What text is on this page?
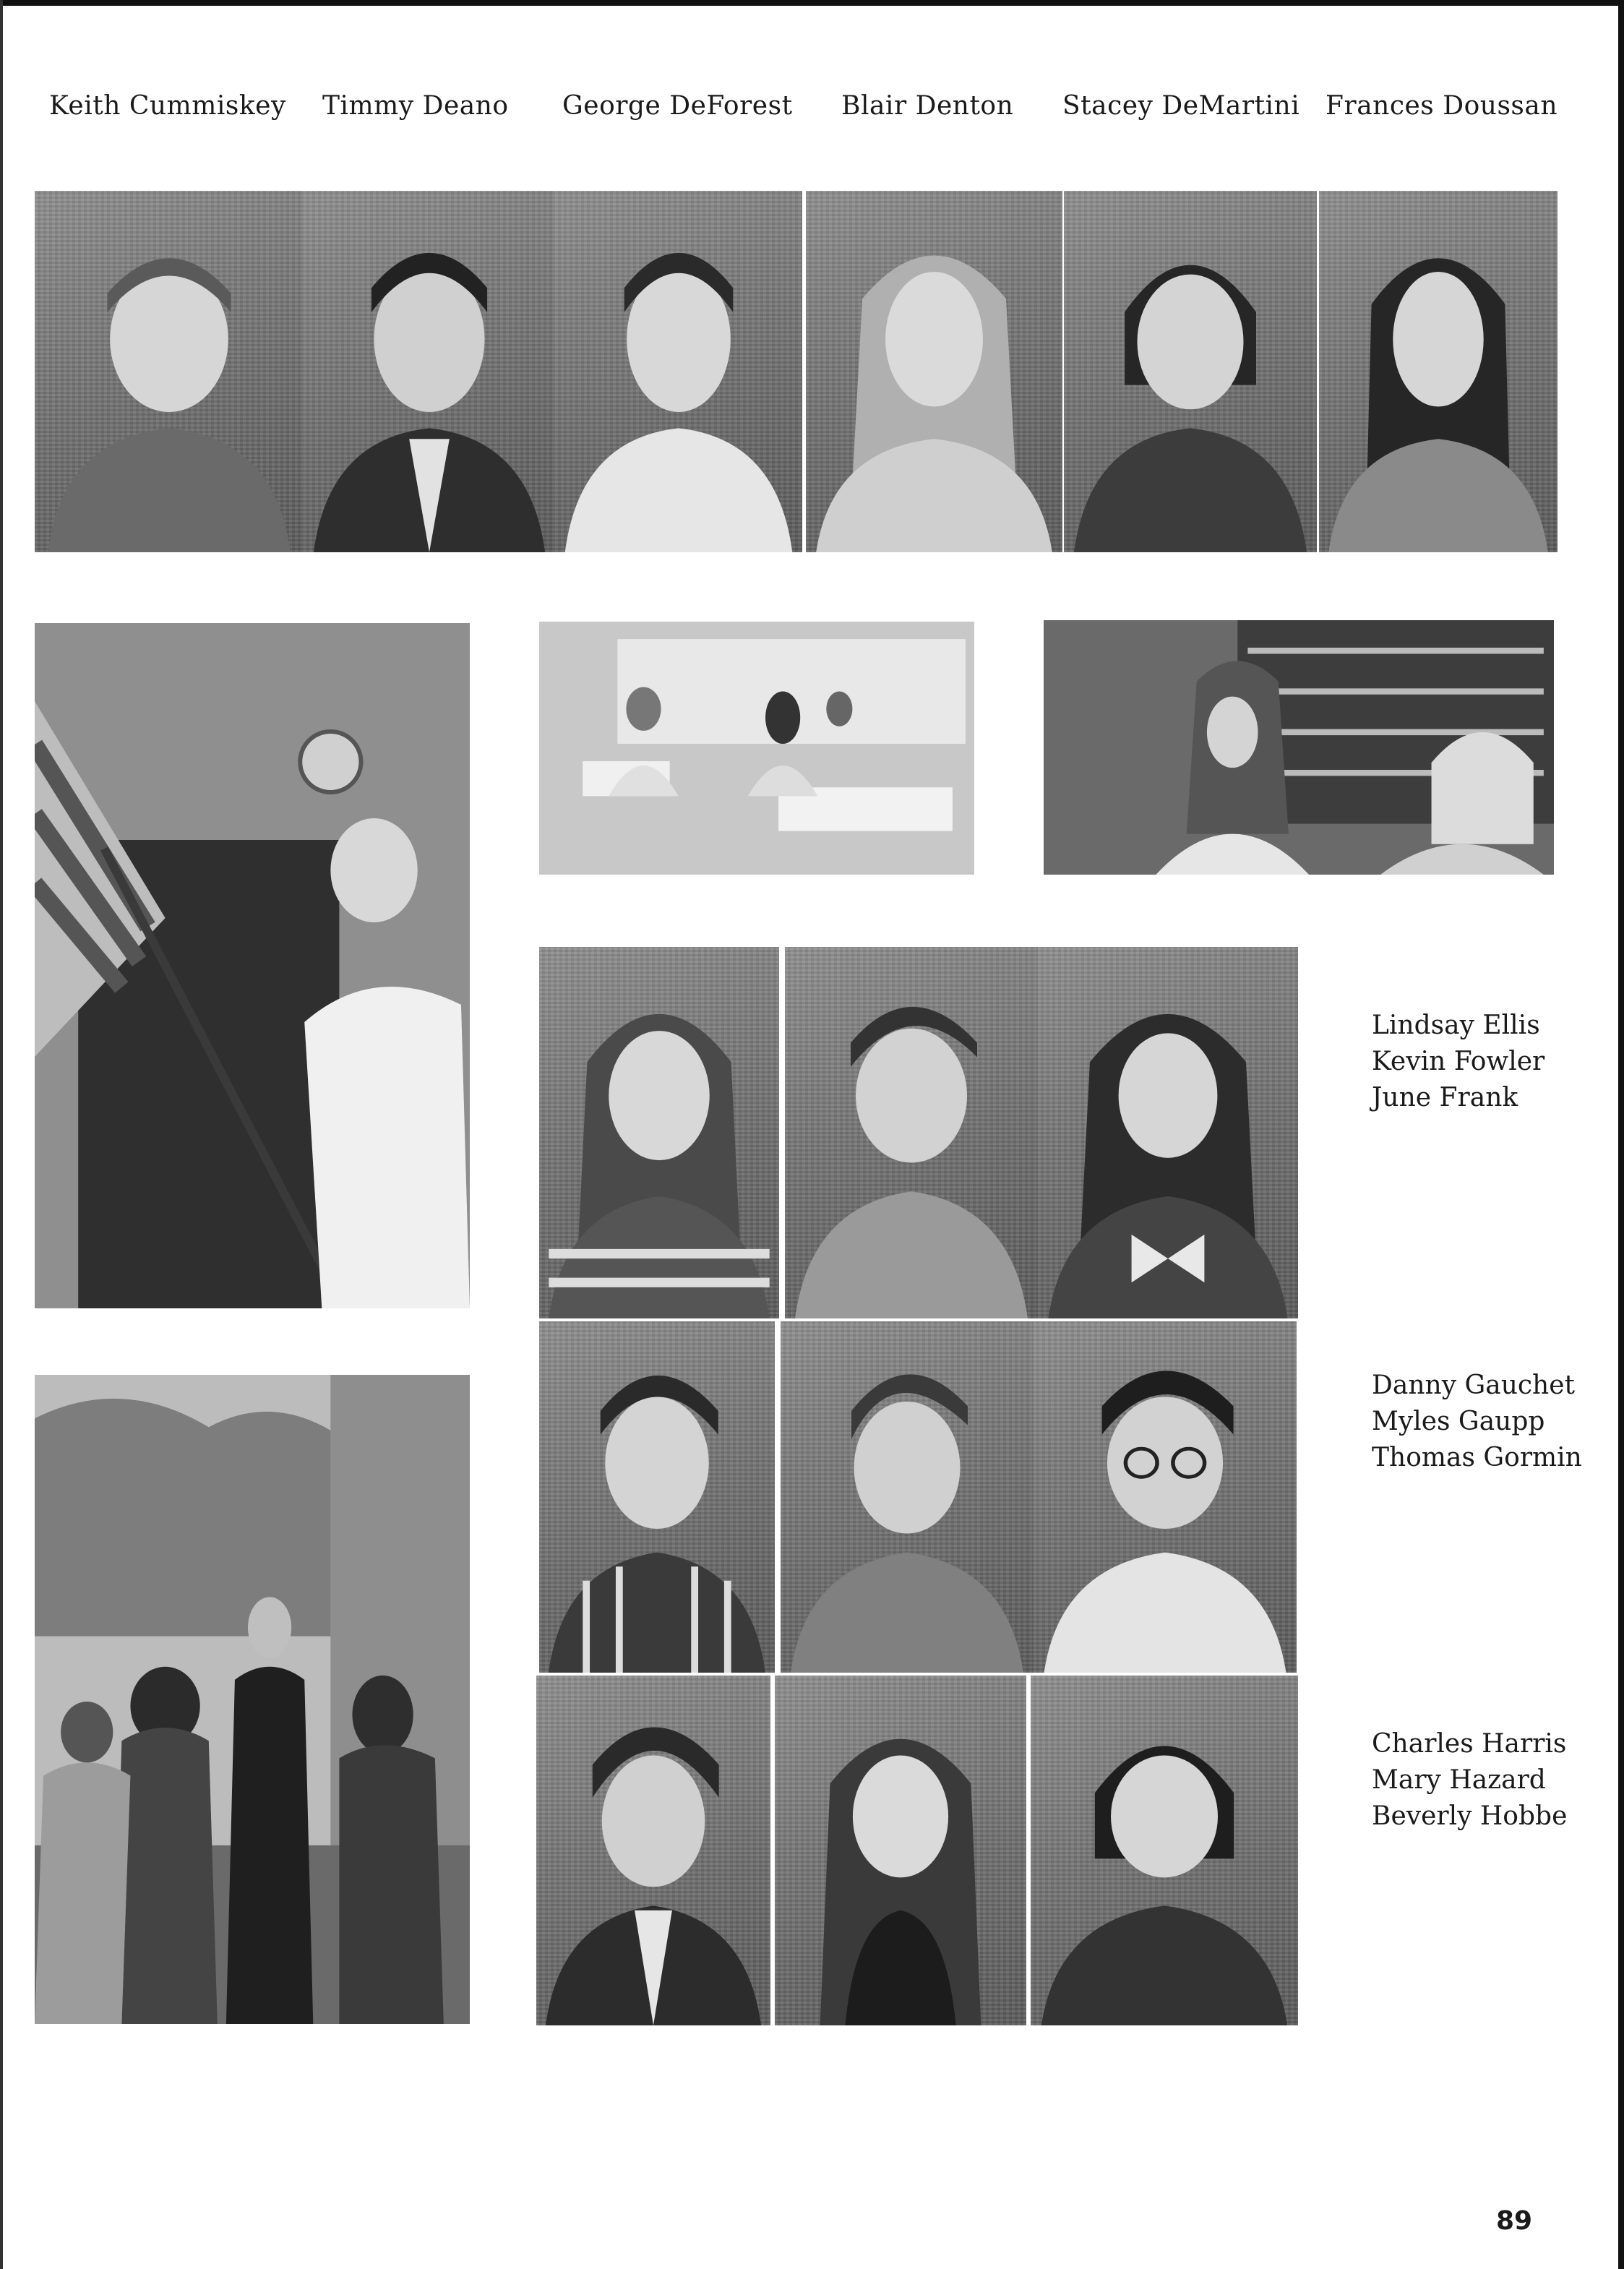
Keith Cummiskey Timmy Deano George DeForest Blair Denton Stacey DeMartini Frances Doussan
Lindsay Ellis
Kevin Fowler
June Frank
Danny Gauchet
Myles Gaupp
Thomas Gormin
Charles Harris
Mary Hazard
Beverly Hobbe
89
